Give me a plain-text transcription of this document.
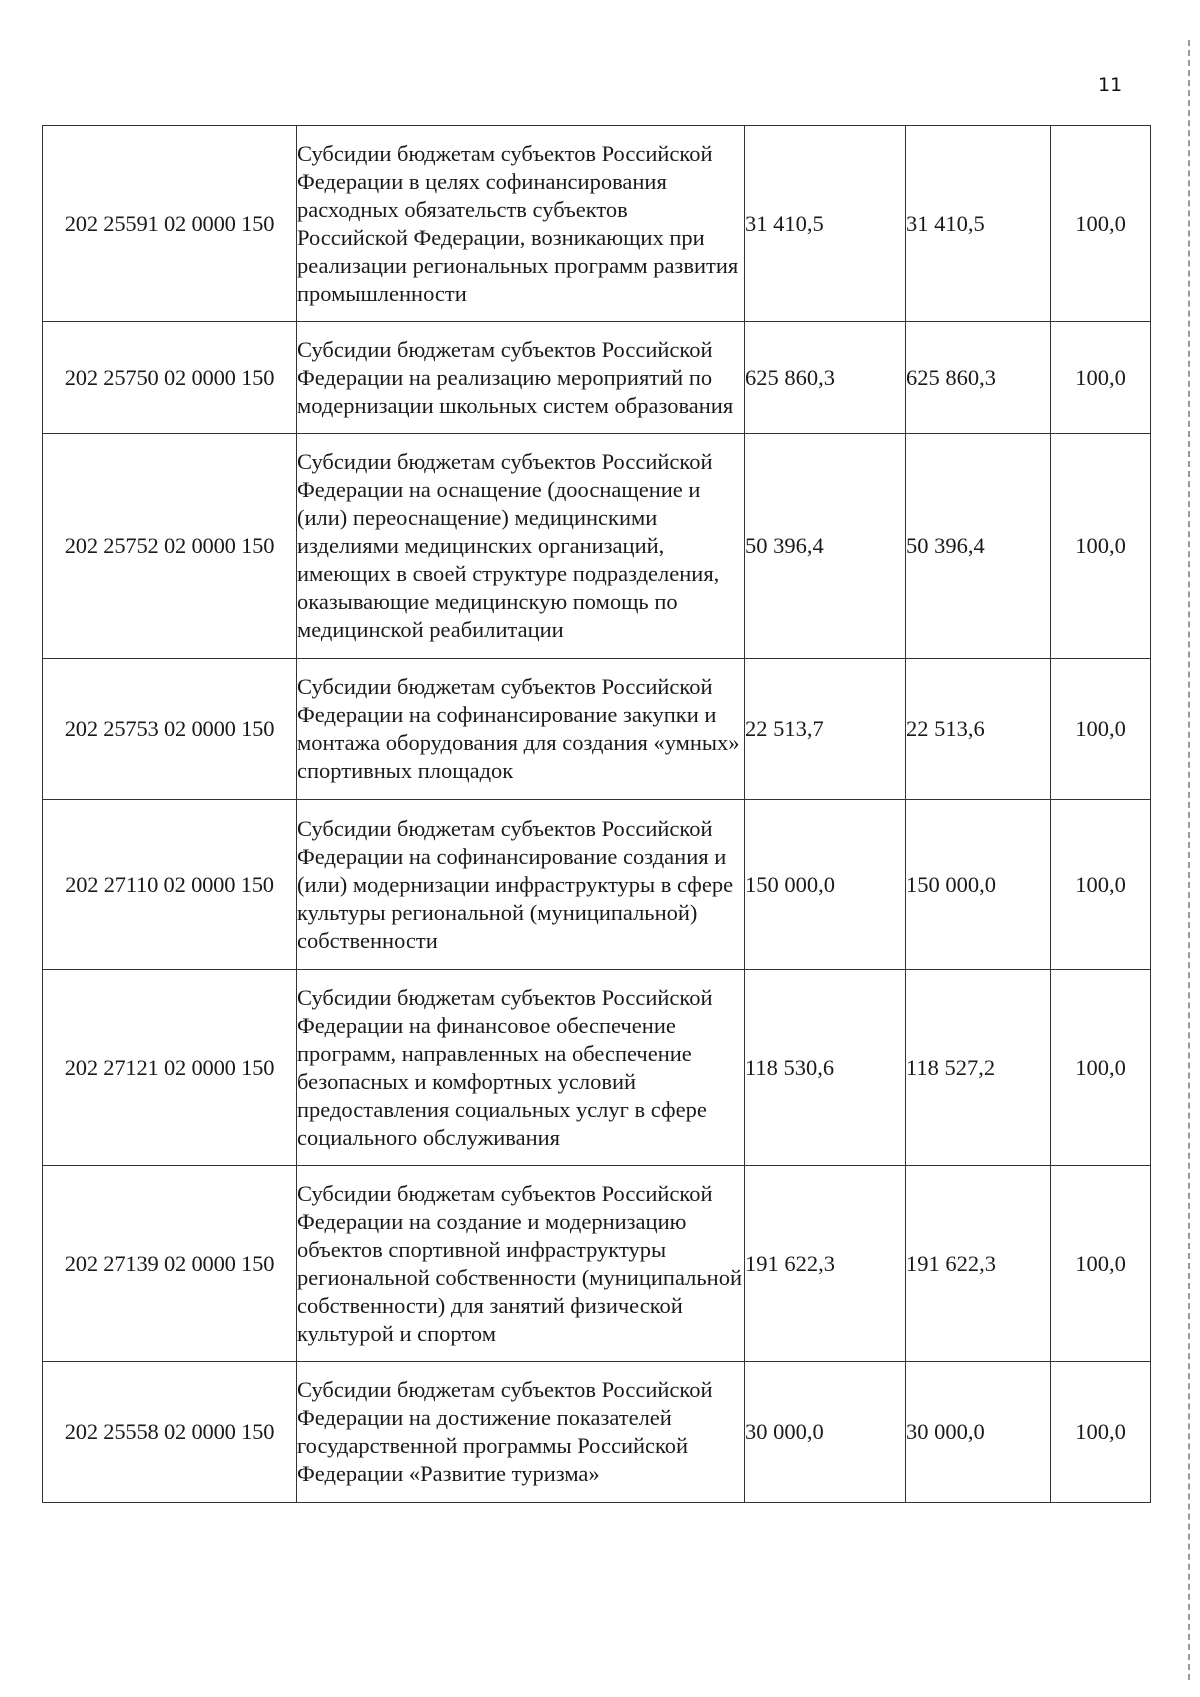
11
202 25591 02 0000 150	Субсидии бюджетам субъектов Российской Федерации в целях софинансирования расходных обязательств субъектов Российской Федерации, возникающих при реализации региональных программ развития промышленности	31 410,5	31 410,5	100,0
202 25750 02 0000 150	Субсидии бюджетам субъектов Российской Федерации на реализацию мероприятий по модернизации школьных систем образования	625 860,3	625 860,3	100,0
202 25752 02 0000 150	Субсидии бюджетам субъектов Российской Федерации на оснащение (дооснащение и (или) переоснащение) медицинскими изделиями медицинских организаций, имеющих в своей структуре подразделения, оказывающие медицинскую помощь по медицинской реабилитации	50 396,4	50 396,4	100,0
202 25753 02 0000 150	Субсидии бюджетам субъектов Российской Федерации на софинансирование закупки и монтажа оборудования для создания «умных» спортивных площадок	22 513,7	22 513,6	100,0
202 27110 02 0000 150	Субсидии бюджетам субъектов Российской Федерации на софинансирование создания и (или) модернизации инфраструктуры в сфере культуры региональной (муниципальной) собственности	150 000,0	150 000,0	100,0
202 27121 02 0000 150	Субсидии бюджетам субъектов Российской Федерации на финансовое обеспечение программ, направленных на обеспечение безопасных и комфортных условий предоставления социальных услуг в сфере социального обслуживания	118 530,6	118 527,2	100,0
202 27139 02 0000 150	Субсидии бюджетам субъектов Российской Федерации на создание и модернизацию объектов спортивной инфраструктуры региональной собственности (муниципальной собственности) для занятий физической культурой и спортом	191 622,3	191 622,3	100,0
202 25558 02 0000 150	Субсидии бюджетам субъектов Российской Федерации на достижение показателей государственной программы Российской Федерации «Развитие туризма»	30 000,0	30 000,0	100,0
